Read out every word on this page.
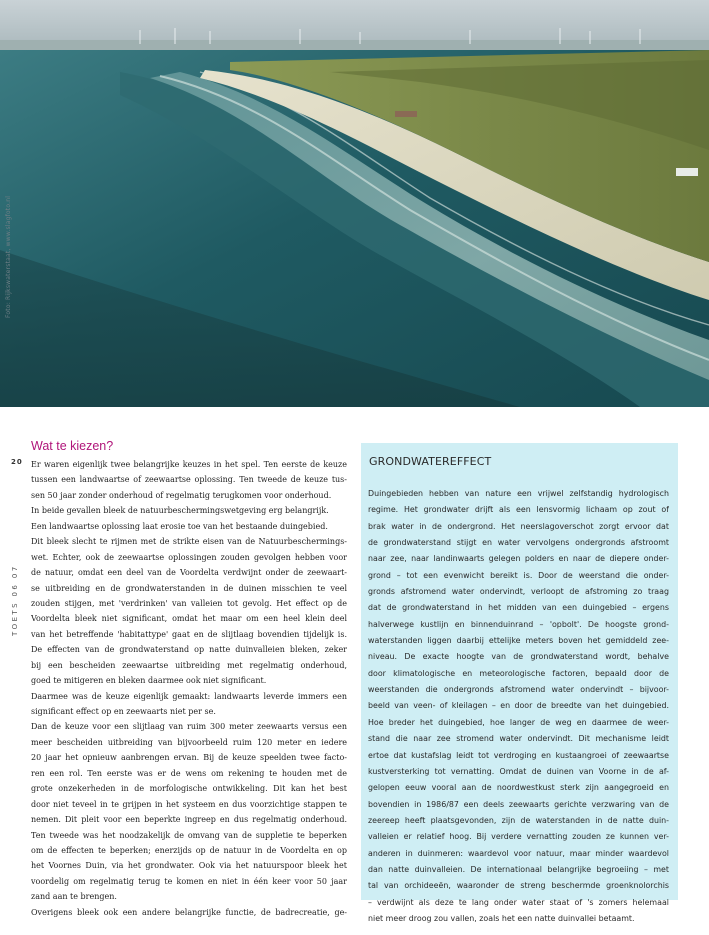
Foto: Rijkswaterstaat, www.slagfoto.nl
20
TOETS 06 07
Wat te kiezen?
Er waren eigenlijk twee belangrijke keuzes in het spel. Ten eerste de keuze
tussen een landwaartse of zeewaartse oplossing. Ten tweede de keuze tus-
sen 50 jaar zonder onderhoud of regelmatig terugkomen voor onderhoud.
In beide gevallen bleek de natuurbeschermingswetgeving erg belangrijk.
Een landwaartse oplossing laat erosie toe van het bestaande duingebied.
Dit bleek slecht te rijmen met de strikte eisen van de Natuurbeschermings-
wet. Echter, ook de zeewaartse oplossingen zouden gevolgen hebben voor
de natuur, omdat een deel van de Voordelta verdwijnt onder de zeewaart-
se uitbreiding en de grondwaterstanden in de duinen misschien te veel
zouden stijgen, met 'verdrinken' van valleien tot gevolg. Het effect op de
Voordelta bleek niet significant, omdat het maar om een heel klein deel
van het betreffende 'habitattype' gaat en de slijtlaag bovendien tijdelijk is.
De effecten van de grondwaterstand op natte duinvalleien bleken, zeker
bij een bescheiden zeewaartse uitbreiding met regelmatig onderhoud,
goed te mitigeren en bleken daarmee ook niet significant.
Daarmee was de keuze eigenlijk gemaakt: landwaarts leverde immers een
significant effect op en zeewaarts niet per se.
Dan de keuze voor een slijtlaag van ruim 300 meter zeewaarts versus een
meer bescheiden uitbreiding van bijvoorbeeld ruim 120 meter en iedere
20 jaar het opnieuw aanbrengen ervan. Bij de keuze speelden twee facto-
ren een rol. Ten eerste was er de wens om rekening te houden met de
grote onzekerheden in de morfologische ontwikkeling. Dit kan het best
door niet teveel in te grijpen in het systeem en dus voorzichtige stappen te
nemen. Dit pleit voor een beperkte ingreep en dus regelmatig onderhoud.
Ten tweede was het noodzakelijk de omvang van de suppletie te beperken
om de effecten te beperken; enerzijds op de natuur in de Voordelta en op
het Voornes Duin, via het grondwater. Ook via het natuurspoor bleek het
voordelig om regelmatig terug te komen en niet in één keer voor 50 jaar
zand aan te brengen.
Overigens bleek ook een andere belangrijke functie, de badrecreatie, ge-
GRONDWATEREFFECT
Duingebieden hebben van nature een vrijwel zelfstandig hydrologisch
regime. Het grondwater drijft als een lensvormig lichaam op zout of
brak water in de ondergrond. Het neerslagoverschot zorgt ervoor dat
de grondwaterstand stijgt en water vervolgens ondergronds afstroomt
naar zee, naar landinwaarts gelegen polders en naar de diepere onder-
grond – tot een evenwicht bereikt is. Door de weerstand die onder-
gronds afstromend water ondervindt, verloopt de afstroming zo traag
dat de grondwaterstand in het midden van een duingebied – ergens
halverwege kustlijn en binnenduinrand – 'opbolt'. De hoogste grond-
waterstanden liggen daarbij ettelijke meters boven het gemiddeld zee-
niveau. De exacte hoogte van de grondwaterstand wordt, behalve
door klimatologische en meteorologische factoren, bepaald door de
weerstanden die ondergronds afstromend water ondervindt – bijvoor-
beeld van veen- of kleilagen – en door de breedte van het duingebied.
Hoe breder het duingebied, hoe langer de weg en daarmee de weer-
stand die naar zee stromend water ondervindt. Dit mechanisme leidt
ertoe dat kustafslag leidt tot verdroging en kustaangroei of zeewaartse
kustversterking tot vernatting. Omdat de duinen van Voorne in de af-
gelopen eeuw vooral aan de noordwestkust sterk zijn aangegroeid en
bovendien in 1986/87 een deels zeewaarts gerichte verzwaring van de
zeereep heeft plaatsgevonden, zijn de waterstanden in de natte duin-
valleien er relatief hoog. Bij verdere vernatting zouden ze kunnen ver-
anderen in duinmeren: waardevol voor natuur, maar minder waardevol
dan natte duinvalleien. De internationaal belangrijke begroeiing – met
tal van orchideeën, waaronder de streng beschermde groenknolorchis
– verdwijnt als deze te lang onder water staat of 's zomers helemaal
niet meer droog zou vallen, zoals het een natte duinvallei betaamt.
